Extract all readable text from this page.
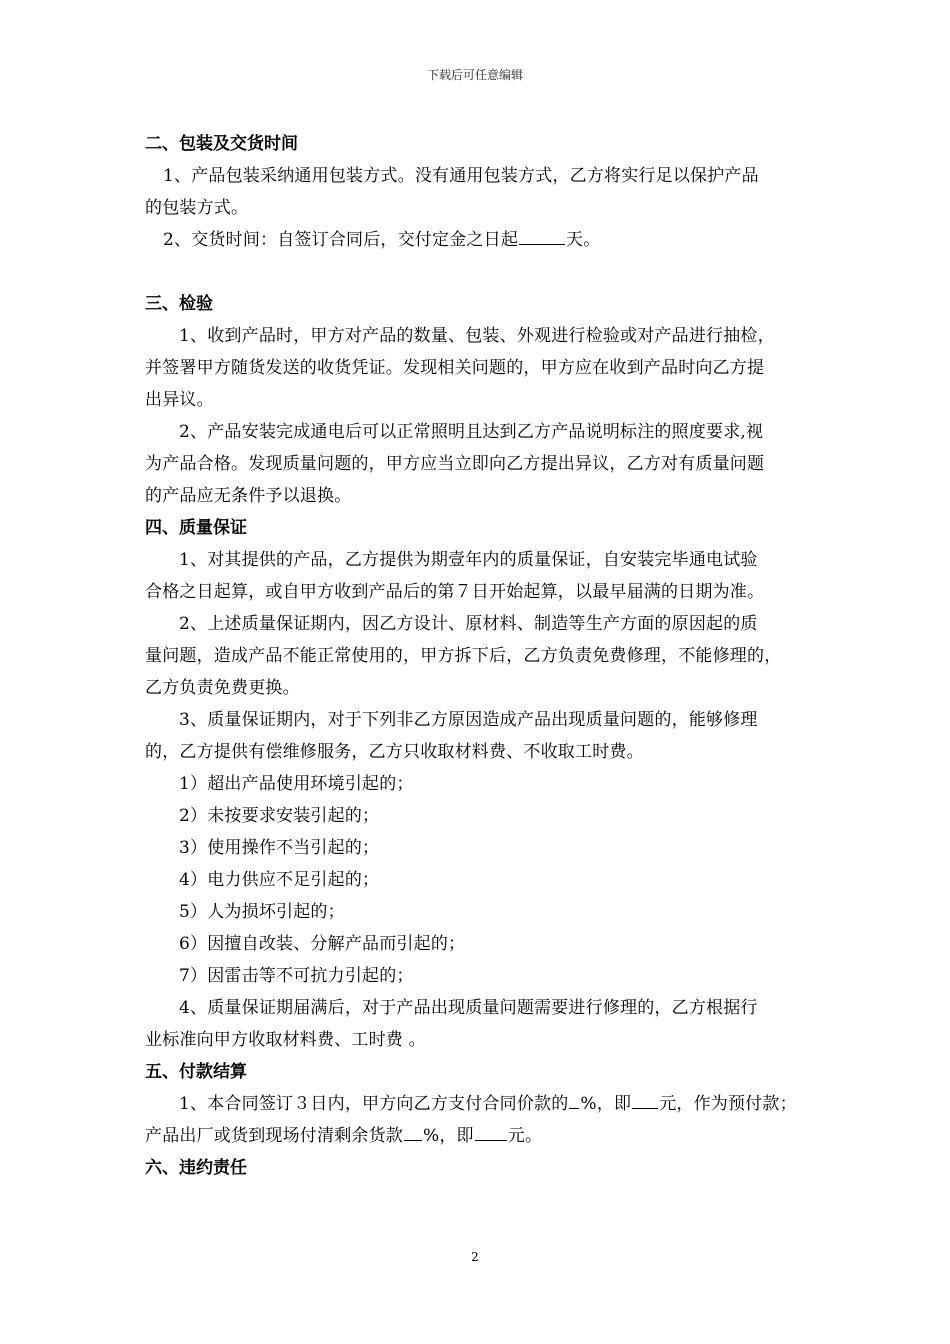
下载后可任意编辑
二、包装及交货时间
1、产品包装采纳通用包装方式。没有通用包装方式，乙方将实行足以保护产品
的包装方式。
2、交货时间：自签订合同后，交付定金之日起	天。
三、检验
1、收到产品时，甲方对产品的数量、包装、外观进行检验或对产品进行抽检，
并签署甲方随货发送的收货凭证。发现相关问题的，甲方应在收到产品时向乙方提
出异议。
2、产品安装完成通电后可以正常照明且达到乙方产品说明标注的照度要求,视
为产品合格。发现质量问题的，甲方应当立即向乙方提出异议，乙方对有质量问题
的产品应无条件予以退换。
四、质量保证
1、对其提供的产品，乙方提供为期壹年内的质量保证，自安装完毕通电试验
合格之日起算，或自甲方收到产品后的第７日开始起算，以最早届满的日期为准。
2、上述质量保证期内，因乙方设计、原材料、制造等生产方面的原因起的质
量问题，造成产品不能正常使用的，甲方拆下后，乙方负责免费修理，不能修理的，
乙方负责免费更换。
3、质量保证期内，对于下列非乙方原因造成产品出现质量问题的，能够修理
的，乙方提供有偿维修服务，乙方只收取材料费、不收取工时费。
1）超出产品使用环境引起的；
2）未按要求安装引起的；
3）使用操作不当引起的；
4）电力供应不足引起的；
5）人为损坏引起的；
6）因擅自改装、分解产品而引起的；
7）因雷击等不可抗力引起的；
4、质量保证期届满后，对于产品出现质量问题需要进行修理的，乙方根据行
业标准向甲方收取材料费、工时费 。
五、付款结算
1、本合同签订３日内，甲方向乙方支付合同价款的 %，即 元，作为预付款；
产品出厂或货到现场付清剩余货款 %，即 元。
六、违约责任
2
